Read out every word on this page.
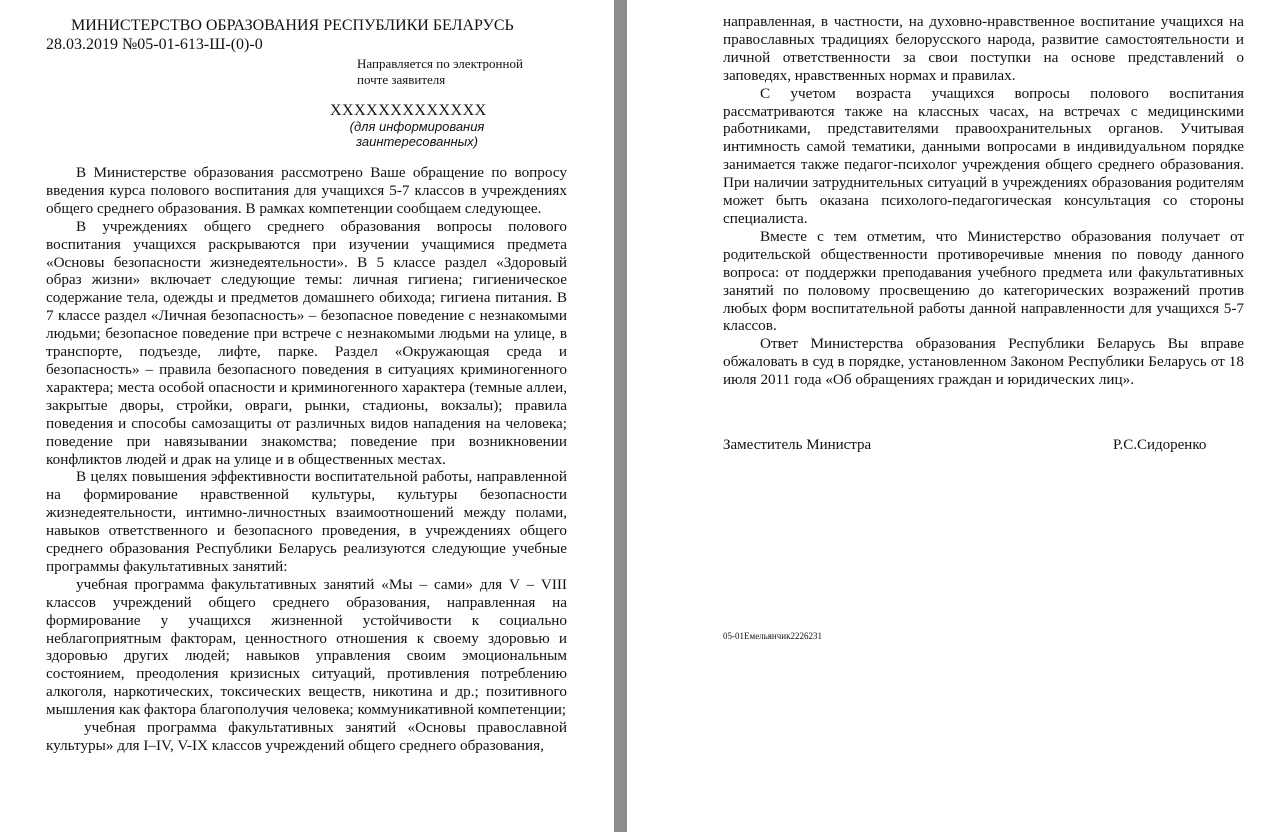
МИНИСТЕРСТВО ОБРАЗОВАНИЯ РЕСПУБЛИКИ БЕЛАРУСЬ
28.03.2019 №05-01-613-Ш-(0)-0
Направляется по электронной почте заявителя
ХХХХХХХХХХХХХ
(для информирования заинтересованных)

В Министерстве образования рассмотрено Ваше обращение по вопросу введения курса полового воспитания для учащихся 5-7 классов в учреждениях общего среднего образования. В рамках компетенции сообщаем следующее.

В учреждениях общего среднего образования вопросы полового воспитания учащихся раскрываются при изучении учащимися предмета «Основы безопасности жизнедеятельности». В 5 классе раздел «Здоровый образ жизни» включает следующие темы: личная гигиена; гигиеническое содержание тела, одежды и предметов домашнего обихода; гигиена питания. В 7 классе раздел «Личная безопасность» – безопасное поведение с незнакомыми людьми; безопасное поведение при встрече с незнакомыми людьми на улице, в транспорте, подъезде, лифте, парке. Раздел «Окружающая среда и безопасность» – правила безопасного поведения в ситуациях криминогенного характера; места особой опасности и криминогенного характера (темные аллеи, закрытые дворы, стройки, овраги, рынки, стадионы, вокзалы); правила поведения и способы самозащиты от различных видов нападения на человека; поведение при навязывании знакомства; поведение при возникновении конфликтов людей и драк на улице и в общественных местах.

В целях повышения эффективности воспитательной работы, направленной на формирование нравственной культуры, культуры безопасности жизнедеятельности, интимно-личностных взаимоотношений между полами, навыков ответственного и безопасного проведения, в учреждениях общего среднего образования Республики Беларусь реализуются следующие учебные программы факультативных занятий:

учебная программа факультативных занятий «Мы – сами» для V – VIII классов учреждений общего среднего образования, направленная на формирование у учащихся жизненной устойчивости к социально неблагоприятным факторам, ценностного отношения к своему здоровью и здоровью других людей; навыков управления своим эмоциональным состоянием, преодоления кризисных ситуаций, противления потреблению алкоголя, наркотических, токсических веществ, никотина и др.; позитивного мышления как фактора благополучия человека; коммуникативной компетенции;

учебная программа факультативных занятий «Основы православной культуры» для I–IV, V-IX классов учреждений общего среднего образования,

направленная, в частности, на духовно-нравственное воспитание учащихся на православных традициях белорусского народа, развитие самостоятельности и личной ответственности за свои поступки на основе представлений о заповедях, нравственных нормах и правилах.

С учетом возраста учащихся вопросы полового воспитания рассматриваются также на классных часах, на встречах с медицинскими работниками, представителями правоохранительных органов. Учитывая интимность самой тематики, данными вопросами в индивидуальном порядке занимается также педагог-психолог учреждения общего среднего образования. При наличии затруднительных ситуаций в учреждениях образования родителям может быть оказана психолого-педагогическая консультация со стороны специалиста.

Вместе с тем отметим, что Министерство образования получает от родительской общественности противоречивые мнения по поводу данного вопроса: от поддержки преподавания учебного предмета или факультативных занятий по половому просвещению до категорических возражений против любых форм воспитательной работы данной направленности для учащихся 5-7 классов.

Ответ Министерства образования Республики Беларусь Вы вправе обжаловать в суд в порядке, установленном Законом Республики Беларусь от 18 июля 2011 года «Об обращениях граждан и юридических лиц».

Заместитель Министра	Р.С.Сидоренко
05-01Емельянчик2226231
